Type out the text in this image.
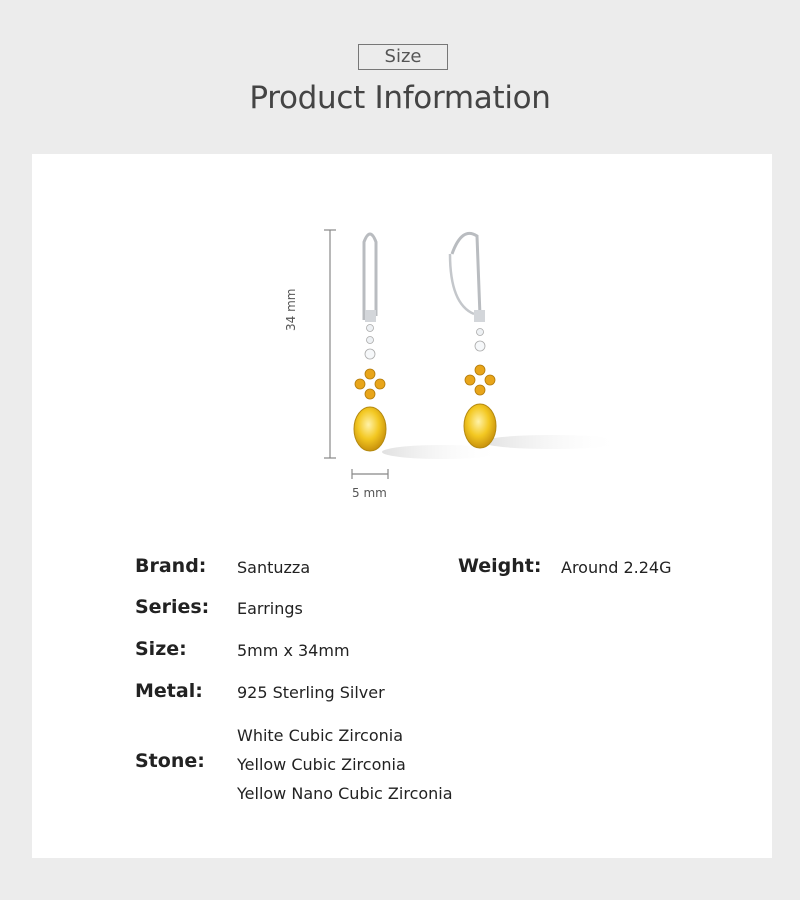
Size
Product Information
34 mm
5 mm
Brand: Santuzza	Weight: Around 2.24G
Series: Earrings
Size:	5mm x 34mm
Metal: 925 Sterling Silver
Stone:
White Cubic Zirconia
Yellow Cubic Zirconia
Yellow Nano Cubic Zirconia
